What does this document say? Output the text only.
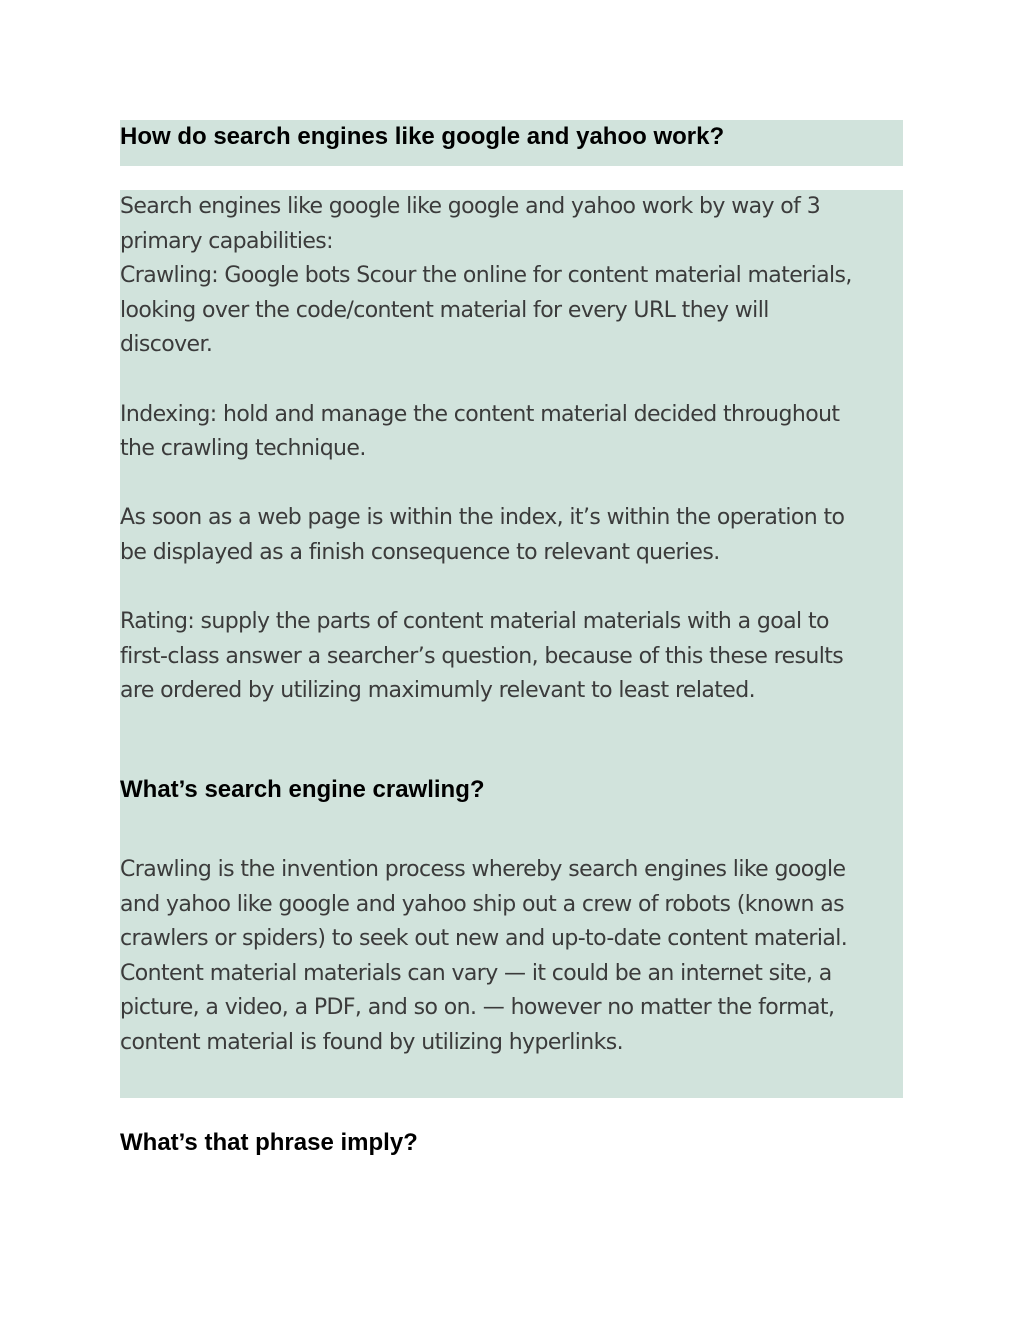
How do search engines like google and yahoo work?
Search engines like google like google and yahoo work by way of 3
primary capabilities:
Crawling: Google bots Scour the online for content material materials,
looking over the code/content material for every URL they will
discover.
Indexing: hold and manage the content material decided throughout
the crawling technique.
As soon as a web page is within the index, it’s within the operation to
be displayed as a finish consequence to relevant queries.
Rating: supply the parts of content material materials with a goal to
first-class answer a searcher’s question, because of this these results
are ordered by utilizing maximumly relevant to least related.
What’s search engine crawling?
Crawling is the invention process whereby search engines like google
and yahoo like google and yahoo ship out a crew of robots (known as
crawlers or spiders) to seek out new and up-to-date content material.
Content material materials can vary — it could be an internet site, a
picture, a video, a PDF, and so on. — however no matter the format,
content material is found by utilizing hyperlinks.
What’s that phrase imply?
